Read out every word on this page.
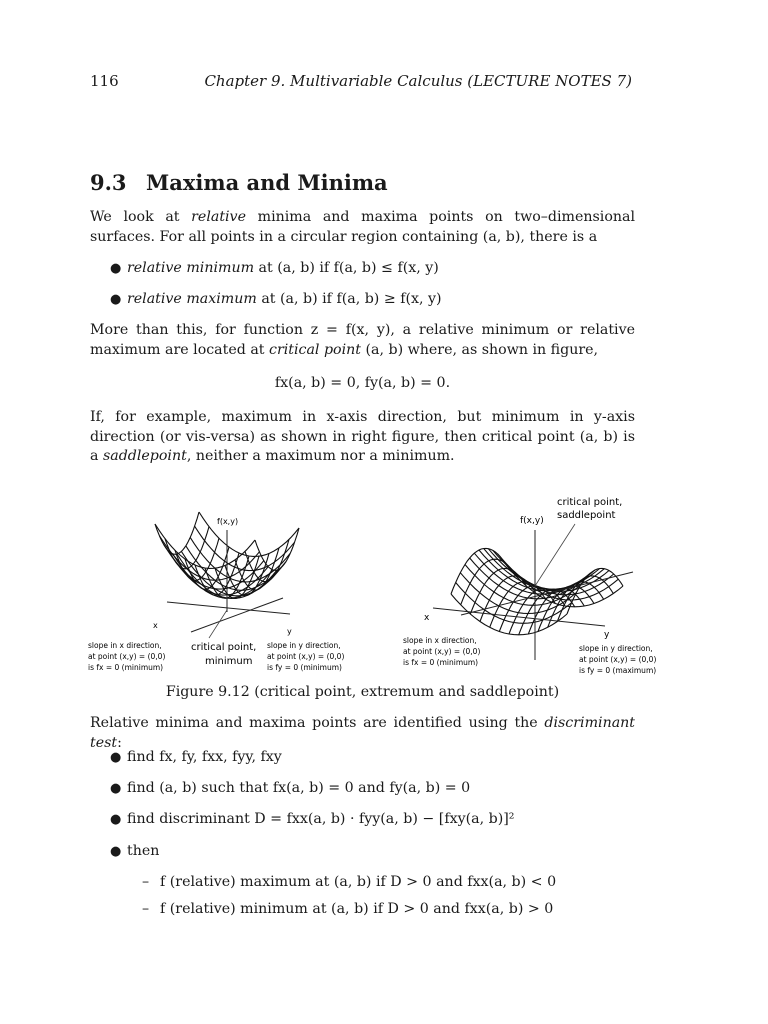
116	Chapter 9. Multivariable Calculus (LECTURE NOTES 7)
9.3 Maxima and Minima
We look at relative minima and maxima points on two–dimensional surfaces. For all points in a circular region containing (a, b), there is a
● relative minimum at (a, b) if f(a, b) ≤ f(x, y)
● relative maximum at (a, b) if f(a, b) ≥ f(x, y)
More than this, for function z = f(x, y), a relative minimum or relative maximum are located at critical point (a, b) where, as shown in figure,
fx(a, b) = 0, fy(a, b) = 0.
If, for example, maximum in x-axis direction, but minimum in y-axis direction (or vis-versa) as shown in right figure, then critical point (a, b) is a saddlepoint, neither a maximum nor a minimum.
f(x,y)
x
y
critical point,
minimum
slope in x direction,
at point (x,y) = (0,0)
is fx = 0 (minimum)
slope in y direction,
at point (x,y) = (0,0)
is fy = 0 (minimum)
f(x,y)
x
y
critical point,
saddlepoint
slope in x direction,
at point (x,y) = (0,0)
is fx = 0 (minimum)
slope in y direction,
at point (x,y) = (0,0)
is fy = 0 (maximum)
Figure 9.12 (critical point, extremum and saddlepoint)
Relative minima and maxima points are identified using the discriminant test:
● find fx, fy, fxx, fyy, fxy
● find (a, b) such that fx(a, b) = 0 and fy(a, b) = 0
● find discriminant D = fxx(a, b) · fyy(a, b) − [fxy(a, b)]²
● then
– f (relative) maximum at (a, b) if D > 0 and fxx(a, b) < 0
– f (relative) minimum at (a, b) if D > 0 and fxx(a, b) > 0
